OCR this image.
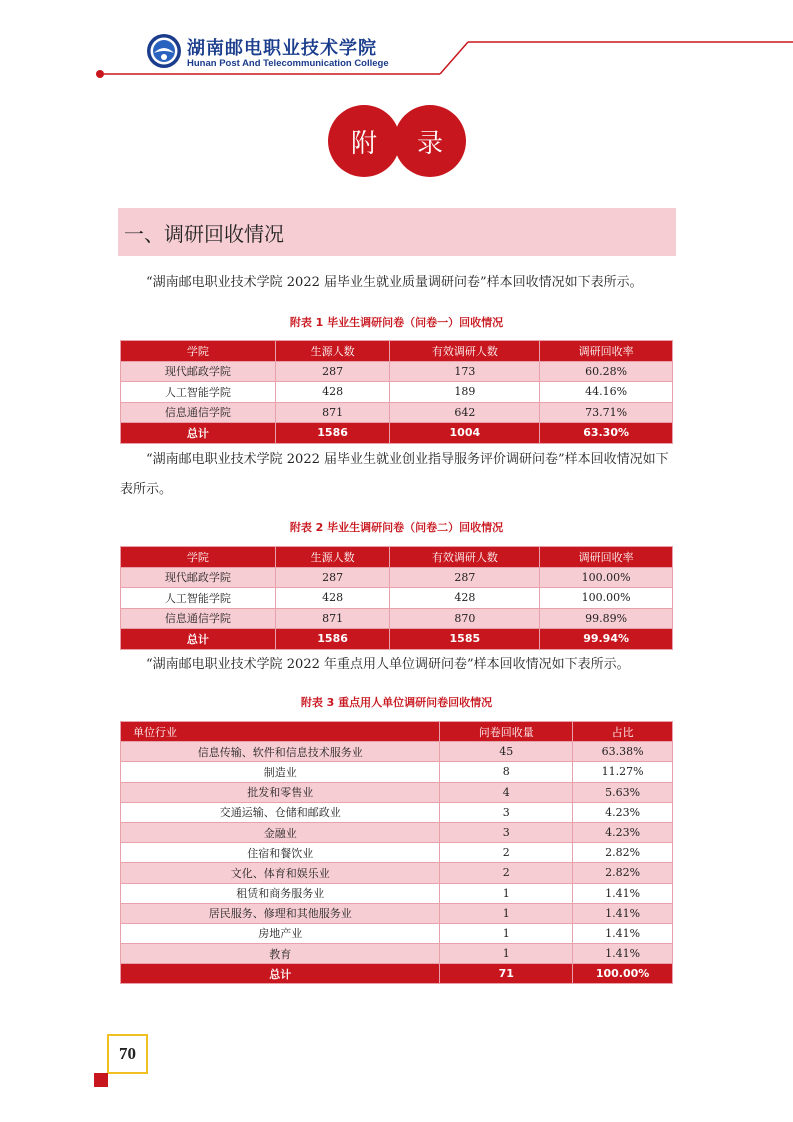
湖南邮电职业技术学院
Hunan Post And Telecommunication College
附	录
一、调研回收情况
“湖南邮电职业技术学院 2022 届毕业生就业质量调研问卷”样本回收情况如下表所示。
附表 1 毕业生调研问卷（问卷一）回收情况
学院	生源人数	有效调研人数	调研回收率
现代邮政学院	287	173	60.28%
人工智能学院	428	189	44.16%
信息通信学院	871	642	73.71%
总计	1586	1004	63.30%
“湖南邮电职业技术学院 2022 届毕业生就业创业指导服务评价调研问卷”样本回收情况如下表所示。
附表 2 毕业生调研问卷（问卷二）回收情况
学院	生源人数	有效调研人数	调研回收率
现代邮政学院	287	287	100.00%
人工智能学院	428	428	100.00%
信息通信学院	871	870	99.89%
总计	1586	1585	99.94%
“湖南邮电职业技术学院 2022 年重点用人单位调研问卷”样本回收情况如下表所示。
附表 3 重点用人单位调研问卷回收情况
单位行业	问卷回收量	占比
信息传输、软件和信息技术服务业	45	63.38%
制造业	8	11.27%
批发和零售业	4	5.63%
交通运输、仓储和邮政业	3	4.23%
金融业	3	4.23%
住宿和餐饮业	2	2.82%
文化、体育和娱乐业	2	2.82%
租赁和商务服务业	1	1.41%
居民服务、修理和其他服务业	1	1.41%
房地产业	1	1.41%
教育	1	1.41%
总计	71	100.00%
70
